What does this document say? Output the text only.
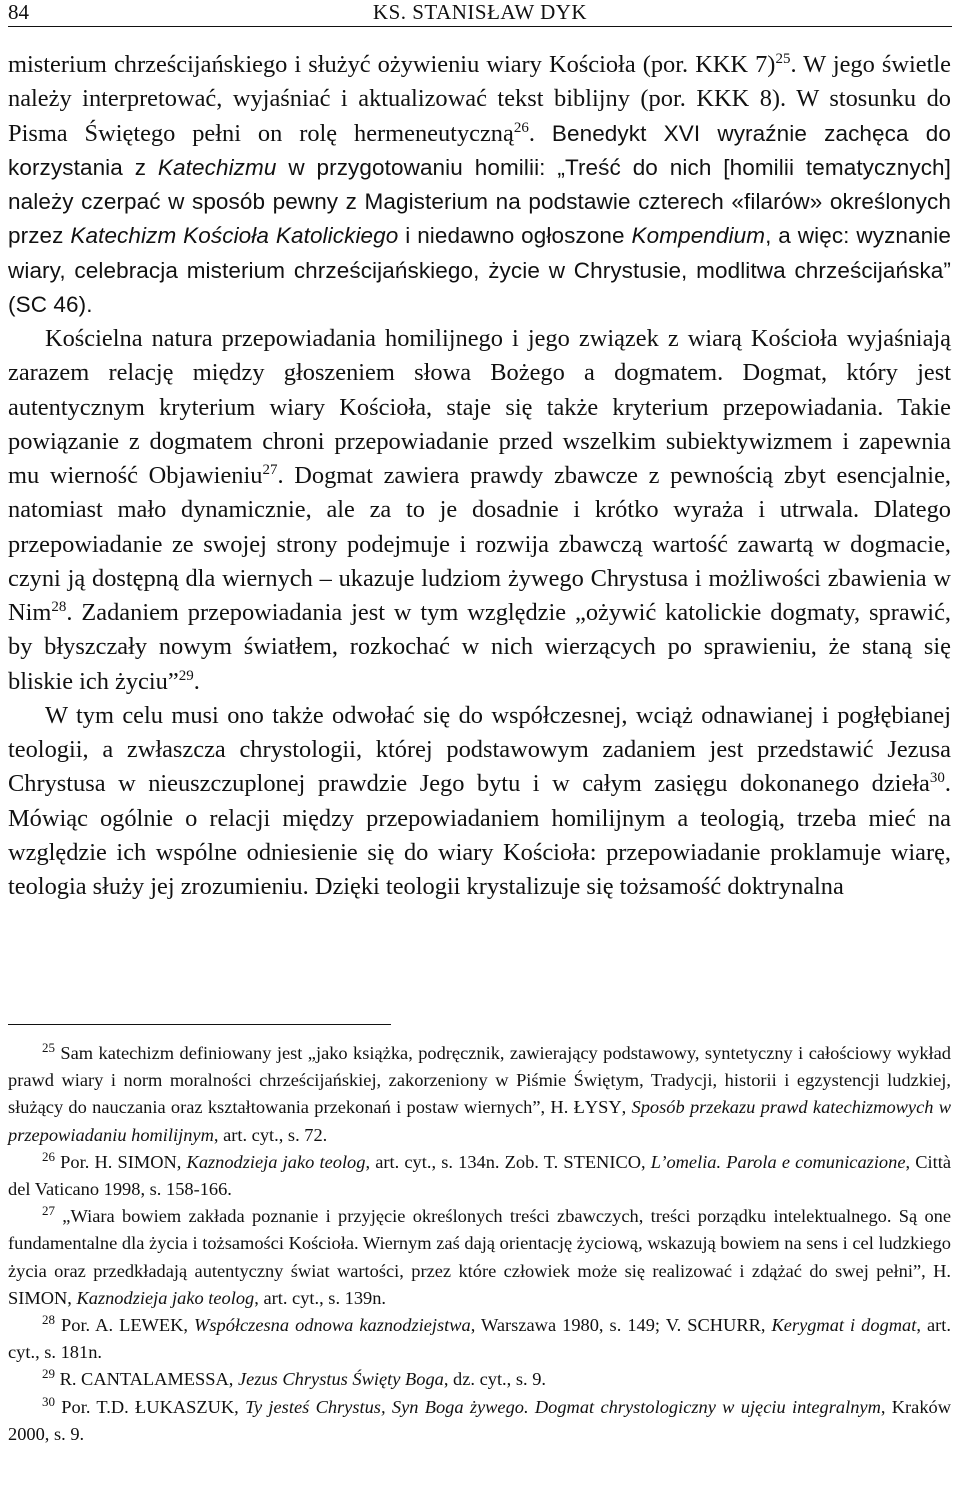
84	KS. STANISŁAW DYK

misterium chrześcijańskiego i służyć ożywieniu wiary Kościoła (por. KKK 7)$^{25}$. W jego świetle należy interpretować, wyjaśniać i aktualizować tekst biblijny (por. KKK 8). W stosunku do Pisma Świętego pełni on rolę hermeneutyczną$^{26}$. Benedykt XVI wyraźnie zachęca do korzystania z Katechizmu w przygotowaniu homilii: „Treść do nich [homilii tematycznych] należy czerpać w sposób pewny z Magisterium na podstawie czterech «filarów» określonych przez Katechizm Kościoła Katolickiego i niedawno ogłoszone Kompendium, a więc: wyznanie wiary, celebracja misterium chrześcijańskiego, życie w Chrystusie, modlitwa chrześcijańska” (SC 46).

Kościelna natura przepowiadania homilijnego i jego związek z wiarą Kościoła wyjaśniają zarazem relację między głoszeniem słowa Bożego a dogmatem. Dogmat, który jest autentycznym kryterium wiary Kościoła, staje się także kryterium przepowiadania. Takie powiązanie z dogmatem chroni przepowiadanie przed wszelkim subiektywizmem i zapewnia mu wierność Objawieniu$^{27}$. Dogmat zawiera prawdy zbawcze z pewnością zbyt esencjalnie, natomiast mało dynamicznie, ale za to je dosadnie i krótko wyraża i utrwala. Dlatego przepowiadanie ze swojej strony podejmuje i rozwija zbawczą wartość zawartą w dogmacie, czyni ją dostępną dla wiernych – ukazuje ludziom żywego Chrystusa i możliwości zbawienia w Nim$^{28}$. Zadaniem przepowiadania jest w tym względzie „ożywić katolickie dogmaty, sprawić, by błyszczały nowym światłem, rozkochać w nich wierzących po sprawieniu, że staną się bliskie ich życiu”$^{29}$.

W tym celu musi ono także odwołać się do współczesnej, wciąż odnawianej i pogłębianej teologii, a zwłaszcza chrystologii, której podstawowym zadaniem jest przedstawić Jezusa Chrystusa w nieuszczuplonej prawdzie Jego bytu i w całym zasięgu dokonanego dzieła$^{30}$. Mówiąc ogólnie o relacji między przepowiadaniem homilijnym a teologią, trzeba mieć na względzie ich wspólne odniesienie się do wiary Kościoła: przepowiadanie proklamuje wiarę, teologia służy jej zrozumieniu. Dzięki teologii krystalizuje się tożsamość doktrynalna

$^{25}$ Sam katechizm definiowany jest „jako książka, podręcznik, zawierający podstawowy, syntetyczny i całościowy wykład prawd wiary i norm moralności chrześcijańskiej, zakorzeniony w Piśmie Świętym, Tradycji, historii i egzystencji ludzkiej, służący do nauczania oraz kształtowania przekonań i postaw wiernych”, H. ŁYSY, Sposób przekazu prawd katechizmowych w przepowiadaniu homilijnym, art. cyt., s. 72.

$^{26}$ Por. H. SIMON, Kaznodzieja jako teolog, art. cyt., s. 134n. Zob. T. STENICO, L’omelia. Parola e comunicazione, Città del Vaticano 1998, s. 158-166.

$^{27}$ „Wiara bowiem zakłada poznanie i przyjęcie określonych treści zbawczych, treści porządku intelektualnego. Są one fundamentalne dla życia i tożsamości Kościoła. Wiernym zaś dają orientację życiową, wskazują bowiem na sens i cel ludzkiego życia oraz przedkładają autentyczny świat wartości, przez które człowiek może się realizować i zdążać do swej pełni”, H. SIMON, Kaznodzieja jako teolog, art. cyt., s. 139n.

$^{28}$ Por. A. LEWEK, Współczesna odnowa kaznodziejstwa, Warszawa 1980, s. 149; V. SCHURR, Kerygmat i dogmat, art. cyt., s. 181n.

$^{29}$ R. CANTALAMESSA, Jezus Chrystus Święty Boga, dz. cyt., s. 9.

$^{30}$ Por. T.D. ŁUKASZUK, Ty jesteś Chrystus, Syn Boga żywego. Dogmat chrystologiczny w ujęciu integralnym, Kraków 2000, s. 9.
